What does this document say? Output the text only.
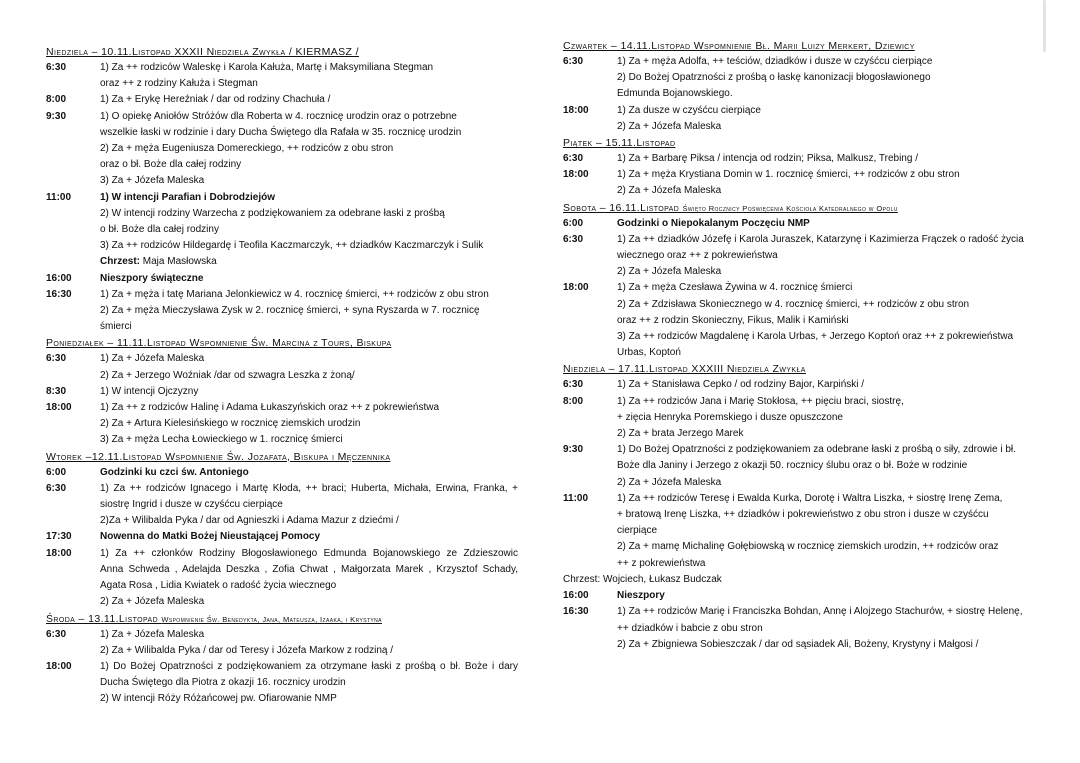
Niedziela – 10.11.Listopad XXXII Niedziela Zwykła / KIERMASZ /
6:30	1) Za ++ rodziców Waleskę i Karola Kałuża, Martę i Maksymiliana Stegman
oraz ++ z rodziny Kałuża i Stegman
8:00	1) Za + Erykę Hereźniak / dar od rodziny Chachuła /
9:30	1) O opiekę Aniołów Stróżów dla Roberta w 4. rocznicę urodzin oraz o potrzebne
wszelkie łaski w rodzinie i dary Ducha Świętego dla Rafała w 35. rocznicę urodzin
2) Za + męża Eugeniusza Domereckiego, ++ rodziców z obu stron
oraz o bł. Boże dla całej rodziny
3) Za + Józefa Maleska
11:00	1) W intencji Parafian i Dobrodziejów
2) W intencji rodziny Warzecha z podziękowaniem za odebrane łaski z prośbą
o bł. Boże dla całej rodziny
3) Za ++ rodziców Hildegardę i Teofila Kaczmarczyk, ++ dziadków Kaczmarczyk i Sulik
Chrzest: Maja Masłowska
16:00	Nieszpory świąteczne
16:30	1) Za + męża i tatę Mariana Jelonkiewicz w 4. rocznicę śmierci, ++ rodziców z obu stron
2) Za + męża Mieczysława Zysk w 2. rocznicę śmierci, + syna Ryszarda w 7. rocznicę
śmierci
Poniedziałek – 11.11.Listopad Wspomnienie Św. Marcina z Tours, Biskupa
6:30	1) Za + Józefa Maleska
2) Za + Jerzego Woźniak /dar od szwagra Leszka z żoną/
8:30	1) W intencji Ojczyzny
18:00	1) Za ++ z rodziców Halinę i Adama Łukaszyńskich oraz ++ z pokrewieństwa
2) Za + Artura Kielesińskiego w rocznicę ziemskich urodzin
3) Za + męża Lecha Łowieckiego w 1. rocznicę śmierci
Wtorek –12.11.Listopad Wspomnienie Św. Jozafata, Biskupa i Męczennika
6:00	Godzinki ku czci św. Antoniego
6:30	1) Za ++ rodziców Ignacego i Martę Kłoda, ++ braci; Huberta, Michała, Erwina, Franka, +
siostrę Ingrid i dusze w czyśćcu cierpiące
2)Za + Wilibalda Pyka / dar od Agnieszki i Adama Mazur z dziećmi /
17:30	Nowenna do Matki Bożej Nieustającej Pomocy
18:00	1) Za ++ członków Rodziny Błogosławionego Edmunda Bojanowskiego ze Zdzieszowic
Anna Schweda , Adelajda Deszka , Zofia Chwat , Małgorzata Marek , Krzysztof Schady,
Agata Rosa , Lidia Kwiatek o radość życia wiecznego
2) Za + Józefa Maleska
Środa – 13.11.Listopad Wspomnienie Św. Benedykta, Jana, Mateusza, Izaaka, i Krystyna
6:30	1) Za + Józefa Maleska
2) Za + Wilibalda Pyka / dar od Teresy i Józefa Markow z rodziną /
18:00	1) Do Bożej Opatrzności z podziękowaniem za otrzymane łaski z prośbą o bł. Boże i dary
Ducha Świętego dla Piotra z okazji 16. rocznicy urodzin
2) W intencji Róży Różańcowej pw. Ofiarowanie NMP
Czwartek – 14.11.Listopad Wspomnienie Bł. Marii Luizy Merkert, Dziewicy
6:30	1) Za + męża Adolfa, ++ teściów, dziadków i dusze w czyśćcu cierpiące
2) Do Bożej Opatrzności z prośbą o łaskę kanonizacji błogosławionego
Edmunda Bojanowskiego.
18:00	1) Za dusze w czyśćcu cierpiące
2) Za + Józefa Maleska
Piątek – 15.11.Listopad
6:30	1) Za + Barbarę Piksa / intencja od rodzin; Piksa, Malkusz, Trebing /
18:00	1) Za + męża Krystiana Domin w 1. rocznicę śmierci, ++ rodziców z obu stron
2) Za + Józefa Maleska
Sobota – 16.11.Listopad Święto Rocznicy Poświęcenia Kościoła Katedralnego w Opolu
6:00	Godzinki o Niepokalanym Poczęciu NMP
6:30	1) Za ++ dziadków Józefę i Karola Juraszek, Katarzynę i Kazimierza Frączek o radość życia
wiecznego oraz ++ z pokrewieństwa
2) Za + Józefa Maleska
18:00	1) Za + męża Czesława Żywina w 4. rocznicę śmierci
2) Za + Zdzisława Skoniecznego w 4. rocznicę śmierci, ++ rodziców z obu stron
oraz ++ z rodzin Skonieczny, Fikus, Malik i Kamiński
3) Za ++ rodziców Magdalenę i Karola Urbas, + Jerzego Koptoń oraz ++ z pokrewieństwa
Urbas, Koptoń
Niedziela – 17.11.Listopad XXXIII Niedziela Zwykła
6:30	1) Za + Stanisława Cepko / od rodziny Bajor, Karpiński /
8:00	1) Za ++ rodziców Jana i Marię Stokłosa, ++ pięciu braci, siostrę,
+ zięcia Henryka Poremskiego i dusze opuszczone
2) Za + brata Jerzego Marek
9:30	1) Do Bożej Opatrzności z podziękowaniem za odebrane łaski z prośbą o siły, zdrowie i bł.
Boże dla Janiny i Jerzego z okazji 50. rocznicy ślubu oraz o bł. Boże w rodzinie
2) Za + Józefa Maleska
11:00	1) Za ++ rodziców Teresę i Ewalda Kurka, Dorotę i Waltra Liszka, + siostrę Irenę Zema,
+ bratową Irenę Liszka, ++ dziadków i pokrewieństwo z obu stron i dusze w czyśćcu
cierpiące
2) Za + mamę Michalinę Gołębiowską w rocznicę ziemskich urodzin, ++ rodziców oraz
++ z pokrewieństwa
Chrzest: Wojciech, Łukasz Budczak
16:00	Nieszpory
16:30	1) Za ++ rodziców Marię i Franciszka Bohdan, Annę i Alojzego Stachurów, + siostrę Helenę,
++ dziadków i babcie z obu stron
2) Za + Zbigniewa Sobieszczak / dar od sąsiadek Ali, Bożeny, Krystyny i Małgosi /
